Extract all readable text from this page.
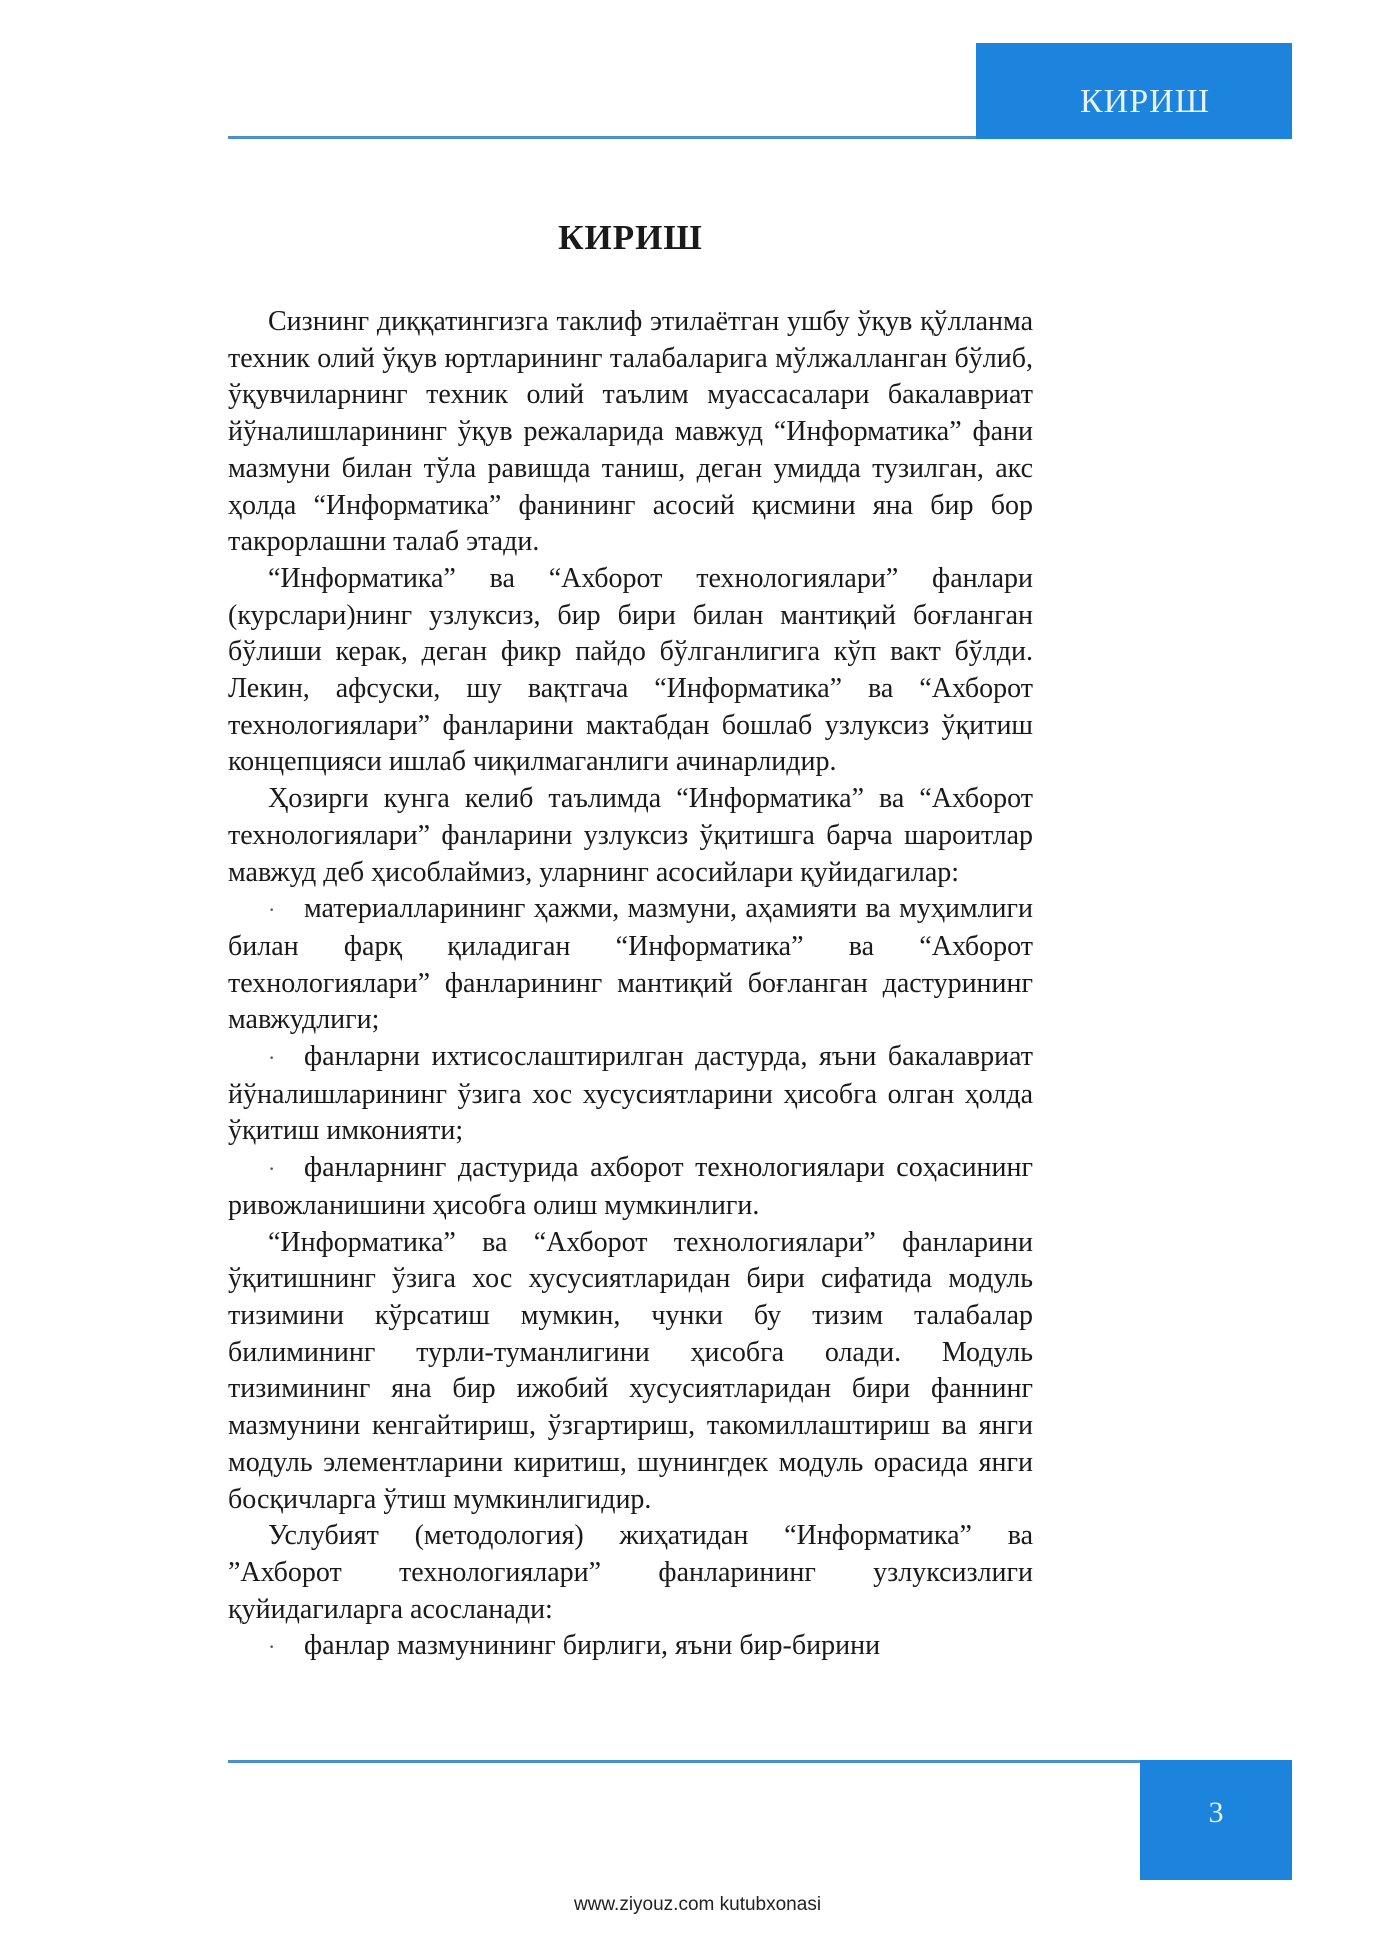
КИРИШ
КИРИШ

Сизнинг диққатингизга таклиф этилаётган ушбу ўқув қўлланма техник олий ўқув юртларининг талабаларига мўлжалланган бўлиб, ўқувчиларнинг техник олий таълим муассасалари бакалавриат йўналишларининг ўқув режаларида мавжуд “Информатика” фани мазмуни билан тўла равишда таниш, деган умидда тузилган, акс ҳолда “Информатика” фанининг асосий қисмини яна бир бор такрорлашни талаб этади.

“Информатика” ва “Ахборот технологиялари” фанлари (курслари)нинг узлуксиз, бир бири билан мантиқий боғланган бўлиши керак, деган фикр пайдо бўлганлигига кўп вакт бўлди. Лекин, афсуски, шу вақтгача “Информатика” ва “Ахборот технологиялари” фанларини мактабдан бошлаб узлуксиз ўқитиш концепцияси ишлаб чиқилмаганлиги ачинарлидир.

Ҳозирги кунга келиб таълимда “Информатика” ва “Ахборот технологиялари” фанларини узлуксиз ўқитишга барча шароитлар мавжуд деб ҳисоблаймиз, уларнинг асосийлари қуйидагилар:

· материалларининг ҳажми, мазмуни, аҳамияти ва муҳимлиги билан фарқ қиладиган “Информатика” ва “Ахборот технологиялари” фанларининг мантиқий боғланган дастурининг мавжудлиги;

· фанларни ихтисослаштирилган дастурда, яъни бакалавриат йўналишларининг ўзига хос хусусиятларини ҳисобга олган ҳолда ўқитиш имконияти;

· фанларнинг дастурида ахборот технологиялари соҳасининг ривожланишини ҳисобга олиш мумкинлиги.

“Информатика” ва “Ахборот технологиялари” фанларини ўқитишнинг ўзига хос хусусиятларидан бири сифатида модуль тизимини кўрсатиш мумкин, чунки бу тизим талабалар билимининг турли-туманлигини ҳисобга олади. Модуль тизимининг яна бир ижобий хусусиятларидан бири фаннинг мазмунини кенгайтириш, ўзгартириш, такомиллаштириш ва янги модуль элементларини киритиш, шунингдек модуль орасида янги босқичларга ўтиш мумкинлигидир.

Услубият (методология) жиҳатидан “Информатика” ва ”Ахборот технологиялари” фанларининг узлуксизлиги қуйидагиларга асосланади:

· фанлар мазмунининг бирлиги, яъни бир-бирини

3
www.ziyouz.com kutubxonasi
